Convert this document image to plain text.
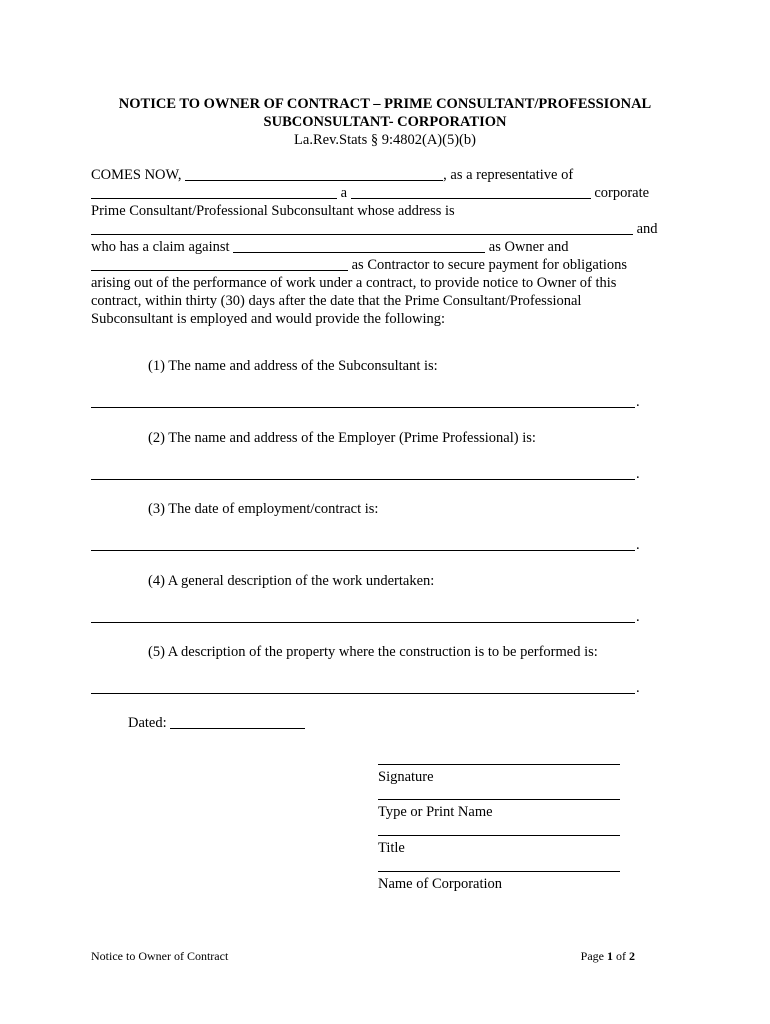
NOTICE TO OWNER OF CONTRACT – PRIME CONSULTANT/PROFESSIONAL
SUBCONSULTANT- CORPORATION
La.Rev.Stats § 9:4802(A)(5)(b)
COMES NOW,	, as a representative of
a	corporate
Prime Consultant/Professional Subconsultant whose address is
and
who has a claim against	as Owner and
as Contractor to secure payment for obligations
arising out of the performance of work under a contract, to provide notice to Owner of this
contract, within thirty (30) days after the date that the Prime Consultant/Professional
Subconsultant is employed and would provide the following:
(1) The name and address of the Subconsultant is:
.
(2) The name and address of the Employer (Prime Professional) is:
.
(3) The date of employment/contract is:
.
(4) A general description of the work undertaken:
.
(5) A description of the property where the construction is to be performed is:
.
Dated:
Signature
Type or Print Name
Title
Name of Corporation
Notice to Owner of Contract	Page 1 of 2
